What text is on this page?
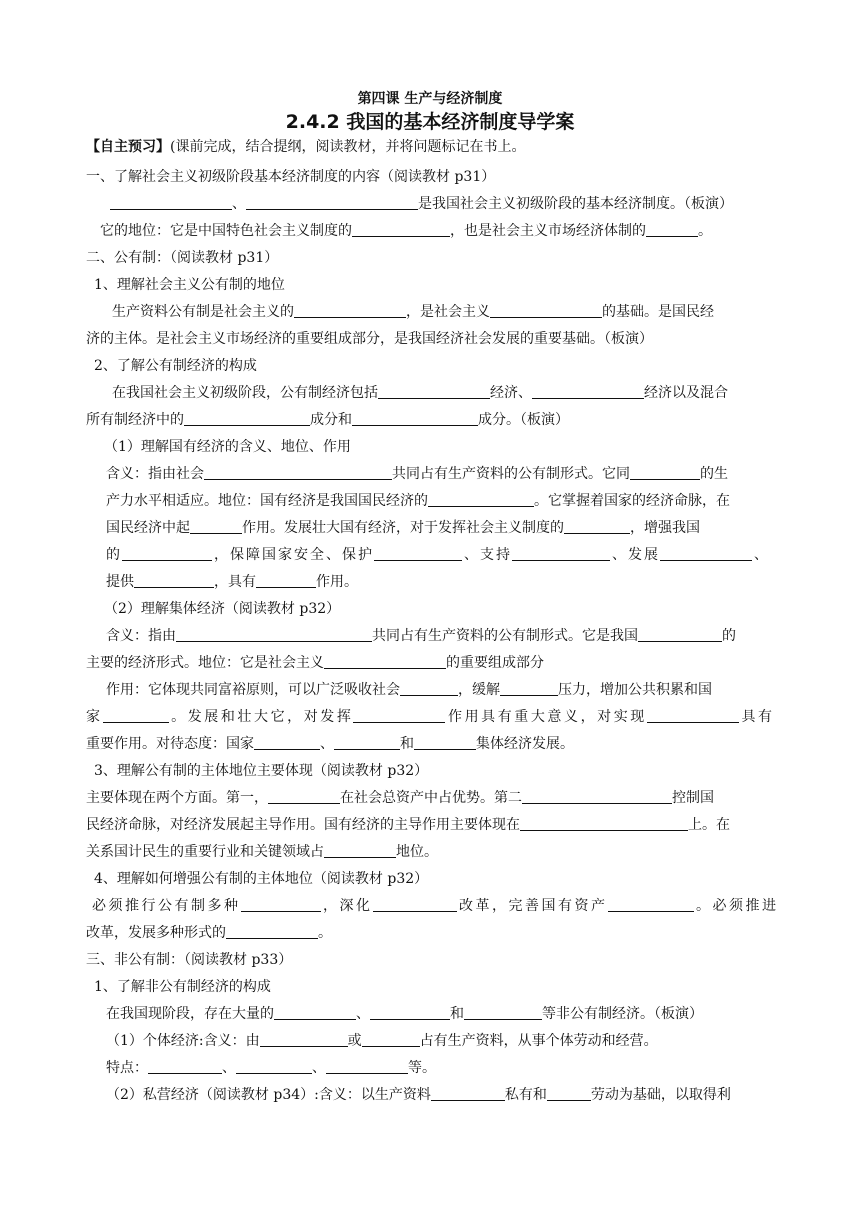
第四课 生产与经济制度
2.4.2 我国的基本经济制度导学案
【自主预习】(课前完成，结合提纲，阅读教材，并将问题标记在书上。
一、了解社会主义初级阶段基本经济制度的内容（阅读教材 p31）
、	是我国社会主义初级阶段的基本经济制度。（板演）
它的地位：它是中国特色社会主义制度的	，也是社会主义市场经济体制的	。
二、公有制：（阅读教材 p31）
1、理解社会主义公有制的地位
生产资料公有制是社会主义的	，是社会主义	的基础。是国民经
济的主体。是社会主义市场经济的重要组成部分，是我国经济社会发展的重要基础。（板演）
2、了解公有制经济的构成
在我国社会主义初级阶段，公有制经济包括	经济、	经济以及混合
所有制经济中的	成分和	成分。（板演）
（1）理解国有经济的含义、地位、作用
含义：指由社会	共同占有生产资料的公有制形式。它同	的生
产力水平相适应。地位：国有经济是我国国民经济的	。它掌握着国家的经济命脉，在
国民经济中起	作用。发展壮大国有经济，对于发挥社会主义制度的	，增强我国
的	，保障国家安全、保护	、支持	、发展	、
提供	，具有	作用。
（2）理解集体经济（阅读教材 p32）
含义：指由	共同占有生产资料的公有制形式。它是我国	的
主要的经济形式。地位：它是社会主义	的重要组成部分
作用：它体现共同富裕原则，可以广泛吸收社会	，缓解	压力，增加公共积累和国
家	。发展和壮大它，对发挥	作用具有重大意义，对实现	具有
重要作用。对待态度：国家	、	和	集体经济发展。
3、理解公有制的主体地位主要体现（阅读教材 p32）
主要体现在两个方面。第一，	在社会总资产中占优势。第二	控制国
民经济命脉，对经济发展起主导作用。国有经济的主导作用主要体现在	上。在
关系国计民生的重要行业和关键领域占	地位。
4、理解如何增强公有制的主体地位（阅读教材 p32）
必须推行公有制多种	，深化	改革，完善国有资产	。必须推进
改革，发展多种形式的	。
三、非公有制：（阅读教材 p33）
1、了解非公有制经济的构成
在我国现阶段，存在大量的	、	和	等非公有制经济。（板演）
（1）个体经济:含义：由	或	占有生产资料，从事个体劳动和经营。
特点：	、	、	等。
（2）私营经济（阅读教材 p34）:含义：以生产资料	私有和	劳动为基础，以取得利
